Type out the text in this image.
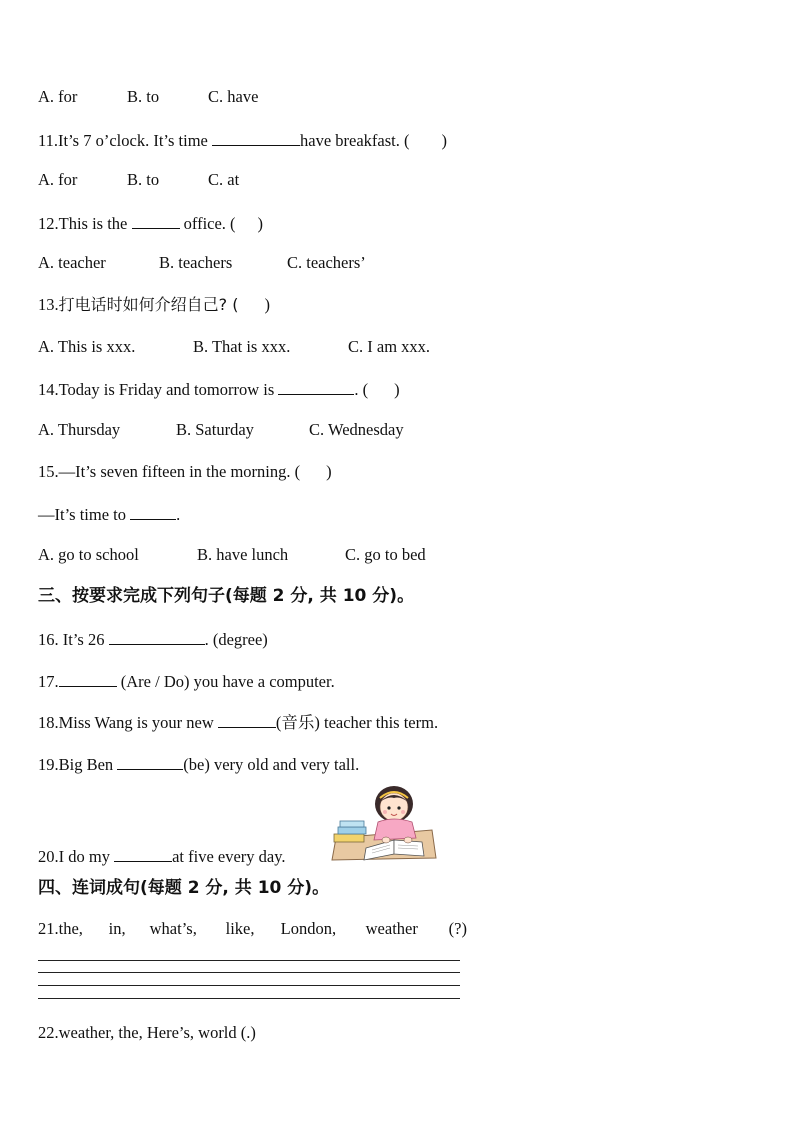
A. for	B. to	C. have
11.It’s 7 o’clock. It’s time	have breakfast. ( )
A. for	B. to	C. at
12.This is the	office. ( )
A. teacher	B. teachers	C. teachers’
13.打电话时如何介绍自己? ( )
A. This is xxx.	B. That is xxx.	C. I am xxx.
14.Today is Friday and tomorrow is	. ( )
A. Thursday	B. Saturday	C. Wednesday
15.—It’s seven fifteen in the morning. ( )
—It’s time to	.
A. go to school	B. have lunch	C. go to bed
三、按要求完成下列句子(每题 2 分, 共 10 分)。
16. It’s 26	. (degree)
17.	(Are / Do) you have a computer.
18.Miss Wang is your new	(音乐) teacher this term.
19.Big Ben	(be) very old and very tall.
20.I do my	at five every day.
四、连词成句(每题 2 分, 共 10 分)。
21.the, in, what’s, like, London, weather (?)
22.weather, the, Here’s, world (.)
